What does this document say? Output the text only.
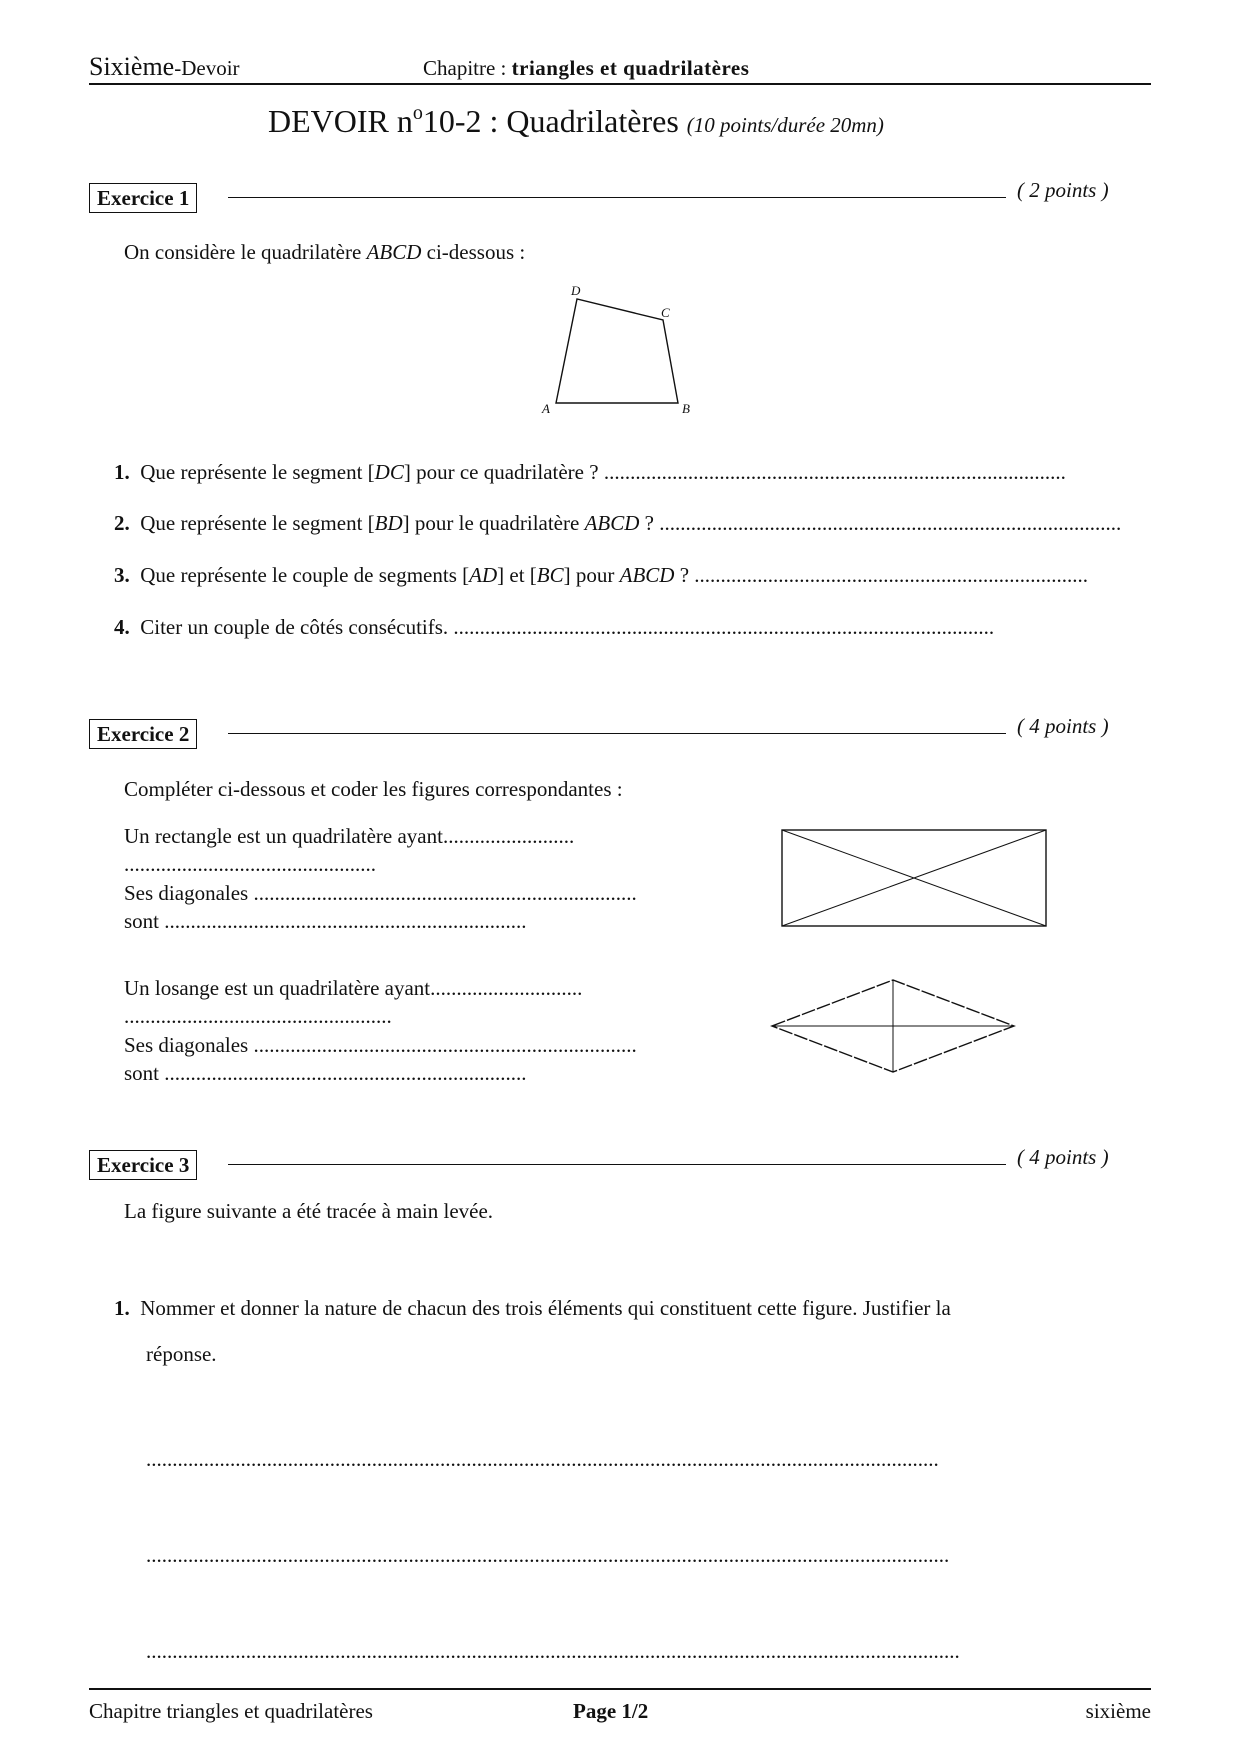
Sixième-Devoir	Chapitre : triangles et quadrilatères
DEVOIR $n^o10-2$ : Quadrilatères (10 points/durée 20mn)
Exercice 1	( 2 points )
On considère le quadrilatère ABCD ci-dessous :
D
C
A	B
1. Que représente le segment [DC] pour ce quadrilatère ? ........................................................................................
2. Que représente le segment [BD] pour le quadrilatère ABCD ? ........................................................................................
3. Que représente le couple de segments [AD] et [BC] pour ABCD ? ...........................................................................
4. Citer un couple de côtés consécutifs. .......................................................................................................
Exercice 2	( 4 points )
Compléter ci-dessous et coder les figures correspondantes :
Un rectangle est un quadrilatère ayant.........................
................................................
Ses diagonales .........................................................................
sont .....................................................................
Un losange est un quadrilatère ayant.............................
...................................................
Ses diagonales .........................................................................
sont .....................................................................
Exercice 3	( 4 points )
La figure suivante a été tracée à main levée.
1. Nommer et donner la nature de chacun des trois éléments qui constituent cette figure. Justifier la
réponse.
.......................................................................................................................................................
.........................................................................................................................................................
...........................................................................................................................................................
Chapitre triangles et quadrilatères	Page 1/2	sixième
